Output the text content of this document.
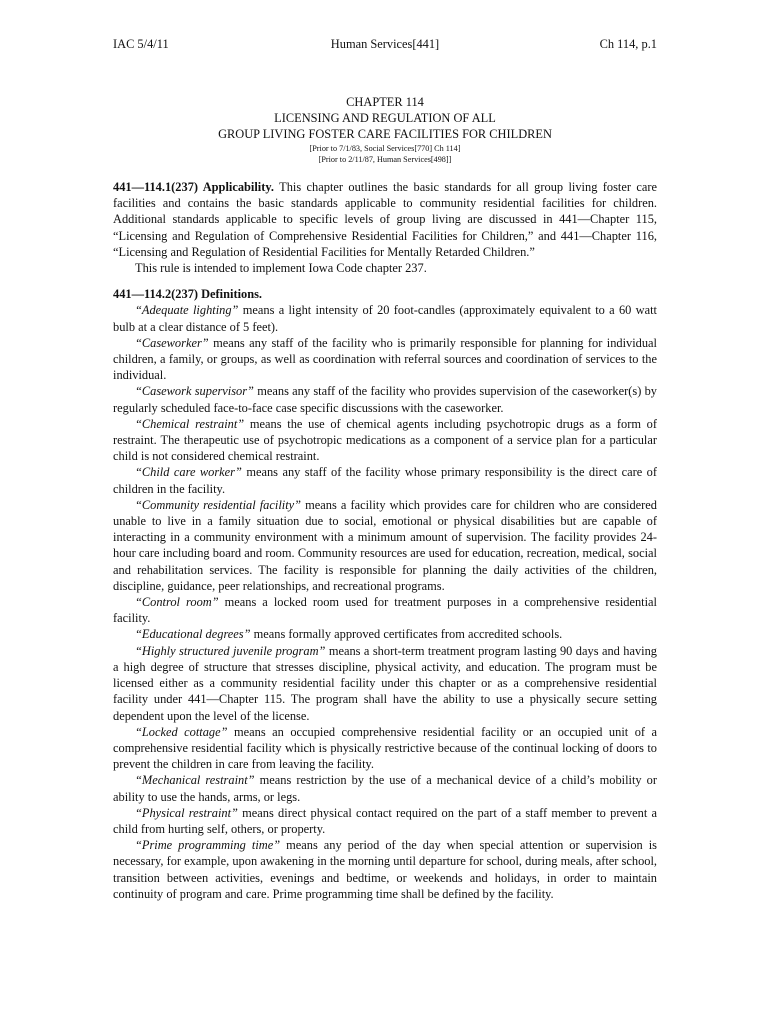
IAC 5/4/11	Human Services[441]	Ch 114, p.1
CHAPTER 114
LICENSING AND REGULATION OF ALL
GROUP LIVING FOSTER CARE FACILITIES FOR CHILDREN
[Prior to 7/1/83, Social Services[770] Ch 114]
[Prior to 2/11/87, Human Services[498]]

441—114.1(237) Applicability. This chapter outlines the basic standards for all group living foster care facilities and contains the basic standards applicable to community residential facilities for children. Additional standards applicable to specific levels of group living are discussed in 441—Chapter 115, “Licensing and Regulation of Comprehensive Residential Facilities for Children,” and 441—Chapter 116, “Licensing and Regulation of Residential Facilities for Mentally Retarded Children.”

This rule is intended to implement Iowa Code chapter 237.

441—114.2(237) Definitions.

“Adequate lighting” means a light intensity of 20 foot-candles (approximately equivalent to a 60 watt bulb at a clear distance of 5 feet).

“Caseworker” means any staff of the facility who is primarily responsible for planning for individual children, a family, or groups, as well as coordination with referral sources and coordination of services to the individual.

“Casework supervisor” means any staff of the facility who provides supervision of the caseworker(s) by regularly scheduled face-to-face case specific discussions with the caseworker.

“Chemical restraint” means the use of chemical agents including psychotropic drugs as a form of restraint. The therapeutic use of psychotropic medications as a component of a service plan for a particular child is not considered chemical restraint.

“Child care worker” means any staff of the facility whose primary responsibility is the direct care of children in the facility.

“Community residential facility” means a facility which provides care for children who are considered unable to live in a family situation due to social, emotional or physical disabilities but are capable of interacting in a community environment with a minimum amount of supervision. The facility provides 24-hour care including board and room. Community resources are used for education, recreation, medical, social and rehabilitation services. The facility is responsible for planning the daily activities of the children, discipline, guidance, peer relationships, and recreational programs.

“Control room” means a locked room used for treatment purposes in a comprehensive residential facility.

“Educational degrees” means formally approved certificates from accredited schools.

“Highly structured juvenile program” means a short-term treatment program lasting 90 days and having a high degree of structure that stresses discipline, physical activity, and education. The program must be licensed either as a community residential facility under this chapter or as a comprehensive residential facility under 441—Chapter 115. The program shall have the ability to use a physically secure setting dependent upon the level of the license.

“Locked cottage” means an occupied comprehensive residential facility or an occupied unit of a comprehensive residential facility which is physically restrictive because of the continual locking of doors to prevent the children in care from leaving the facility.

“Mechanical restraint” means restriction by the use of a mechanical device of a child’s mobility or ability to use the hands, arms, or legs.

“Physical restraint” means direct physical contact required on the part of a staff member to prevent a child from hurting self, others, or property.

“Prime programming time” means any period of the day when special attention or supervision is necessary, for example, upon awakening in the morning until departure for school, during meals, after school, transition between activities, evenings and bedtime, or weekends and holidays, in order to maintain continuity of program and care. Prime programming time shall be defined by the facility.
